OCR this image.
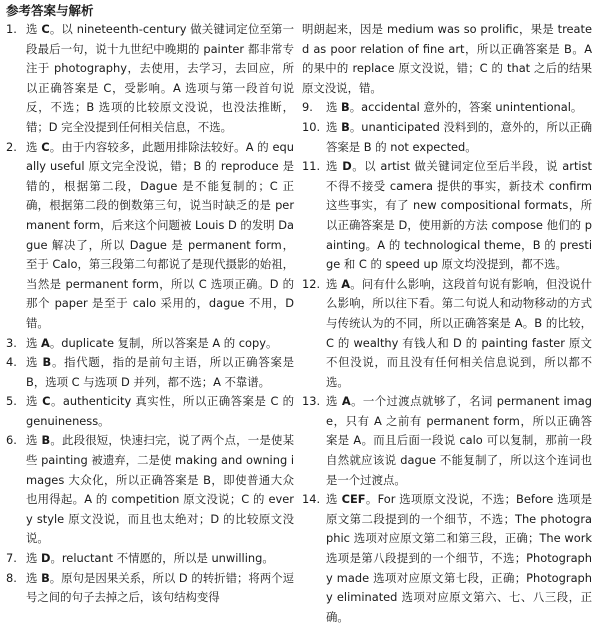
参考答案与解析
1. 选 C。以 nineteenth-century 做关键词定位至第一段最后一句，说十九世纪中晚期的 painter 都非常专注于 photography，去使用，去学习，去回应，所以正确答案是 C，受影响。A 选项与第一段首句说反，不选；B 选项的比较原文没说，也没法推断，错；D 完全没提到任何相关信息，不选。
2. 选 C。由于内容较多，此题用排除法较好。A 的 equally useful 原文完全没说，错；B 的 reproduce 是错的，根据第二段，Dague 是不能复制的；C 正确，根据第二段的倒数第三句，说当时缺乏的是 permanent form，后来这个问题被 Louis D 的发明 Dague 解决了，所以 Dague 是 permanent form，至于 Calo，第三段第二句都说了是现代摄影的始祖，当然是 permanent form，所以 C 选项正确。D 的那个 paper 是至于 calo 采用的，dague 不用，D 错。
3. 选 A。duplicate 复制，所以答案是 A 的 copy。
4. 选 B。指代题，指的是前句主语，所以正确答案是 B，选项 C 与选项 D 并列，都不选；A 不靠谱。
5. 选 C。authenticity 真实性，所以正确答案是 C 的 genuineness。
6. 选 B。此段很短，快速扫完，说了两个点，一是使某些 painting 被遗弃，二是使 making and owning images 大众化，所以正确答案是 B，即使普通大众也用得起。A 的 competition 原文没说；C 的 every style 原文没说，而且也太绝对；D 的比较原文没说。
7. 选 D。reluctant 不情愿的，所以是 unwilling。
8. 选 B。原句是因果关系，所以 D 的转折错；将两个逗号之间的句子去掉之后，该句结构变得
明朗起来，因是 medium was so prolific，果是 treated as poor relation of fine art，所以正确答案是 B。A 的果中的 replace 原文没说，错；C 的 that 之后的结果原文没说，错。
9.	选 B。accidental 意外的，答案 unintentional。
10. 选 B。unanticipated 没料到的，意外的，所以正确答案是 B 的 not expected。
11. 选 D。以 artist 做关键词定位至后半段，说 artist 不得不接受 camera 提供的事实，新技术 confirm 这些事实，有了 new compositional formats，所以正确答案是 D，使用新的方法 compose 他们的 painting。A 的 technological theme，B 的 prestige 和 C 的 speed up 原文均没提到，都不选。
12. 选 A。问有什么影响，这段首句说有影响，但没说什么影响，所以往下看。第二句说人和动物移动的方式与传统认为的不同，所以正确答案是 A。B 的比较，C 的 wealthy 有钱人和 D 的 painting faster 原文不但没说，而且没有任何相关信息说到，所以都不选。
13. 选 A。一个过渡点就够了，名词 permanent image，只有 A 之前有 permanent form，所以正确答案是 A。而且后面一段说 calo 可以复制，那前一段自然就应该说 dague 不能复制了，所以这个连词也是一个过渡点。
14. 选 CEF。For 选项原文没说，不选；Before 选项是原文第二段提到的一个细节，不选；The photographic 选项对应原文第二和第三段，正确；The work 选项是第八段提到的一个细节，不选；Photography made 选项对应原文第七段，正确；Photography eliminated 选项对应原文第六、七、八三段，正确。
